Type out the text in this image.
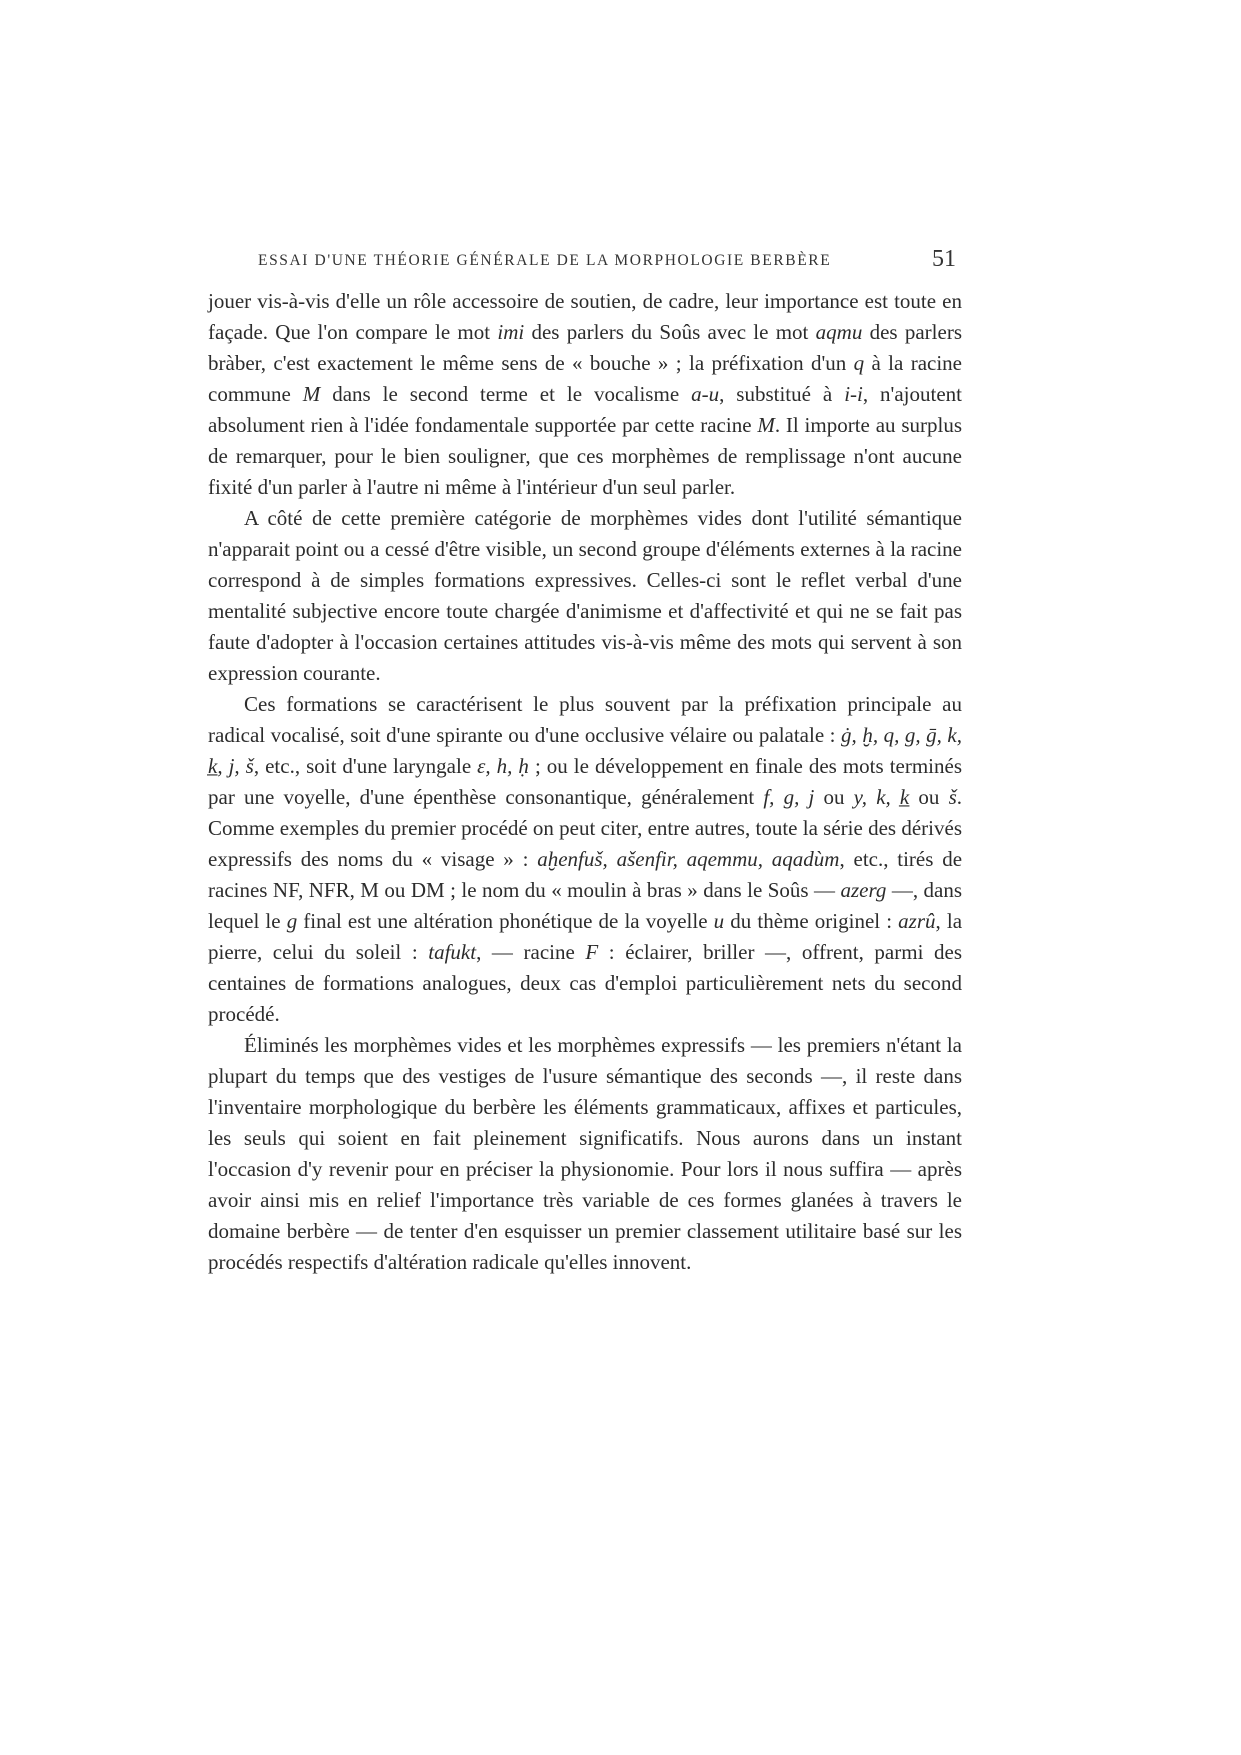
ESSAI D'UNE THÉORIE GÉNÉRALE DE LA MORPHOLOGIE BERBÈRE	51

jouer vis-à-vis d'elle un rôle accessoire de soutien, de cadre, leur importance est toute en façade. Que l'on compare le mot imi des parlers du Soûs avec le mot aqmu des parlers bràber, c'est exactement le même sens de « bouche » ; la préfixation d'un q à la racine commune M dans le second terme et le vocalisme a-u, substitué à i-i, n'ajoutent absolument rien à l'idée fondamentale supportée par cette racine M. Il importe au surplus de remarquer, pour le bien souligner, que ces morphèmes de remplissage n'ont aucune fixité d'un parler à l'autre ni même à l'intérieur d'un seul parler.

A côté de cette première catégorie de morphèmes vides dont l'utilité sémantique n'apparait point ou a cessé d'être visible, un second groupe d'éléments externes à la racine correspond à de simples formations expressives. Celles-ci sont le reflet verbal d'une mentalité subjective encore toute chargée d'animisme et d'affectivité et qui ne se fait pas faute d'adopter à l'occasion certaines attitudes vis-à-vis même des mots qui servent à son expression courante.

Ces formations se caractérisent le plus souvent par la préfixation principale au radical vocalisé, soit d'une spirante ou d'une occlusive vélaire ou palatale : ġ, ḫ, q, g, ḡ, k, k̲, j, š, etc., soit d'une laryngale ɛ, h, ḥ ; ou le développement en finale des mots terminés par une voyelle, d'une épenthèse consonantique, généralement f, g, j ou y, k, k̲ ou š. Comme exemples du premier procédé on peut citer, entre autres, toute la série des dérivés expressifs des noms du « visage » : aḫenfuš, ašenfir, aqemmu, aqadùm, etc., tirés de racines NF, NFR, M ou DM ; le nom du « moulin à bras » dans le Soûs — azerg —, dans lequel le g final est une altération phonétique de la voyelle u du thème originel : azrû, la pierre, celui du soleil : tafukt, — racine F : éclairer, briller —, offrent, parmi des centaines de formations analogues, deux cas d'emploi particulièrement nets du second procédé.

Éliminés les morphèmes vides et les morphèmes expressifs — les premiers n'étant la plupart du temps que des vestiges de l'usure sémantique des seconds —, il reste dans l'inventaire morphologique du berbère les éléments grammaticaux, affixes et particules, les seuls qui soient en fait pleinement significatifs. Nous aurons dans un instant l'occasion d'y revenir pour en préciser la physionomie. Pour lors il nous suffira — après avoir ainsi mis en relief l'importance très variable de ces formes glanées à travers le domaine berbère — de tenter d'en esquisser un premier classement utilitaire basé sur les procédés respectifs d'altération radicale qu'elles innovent.
